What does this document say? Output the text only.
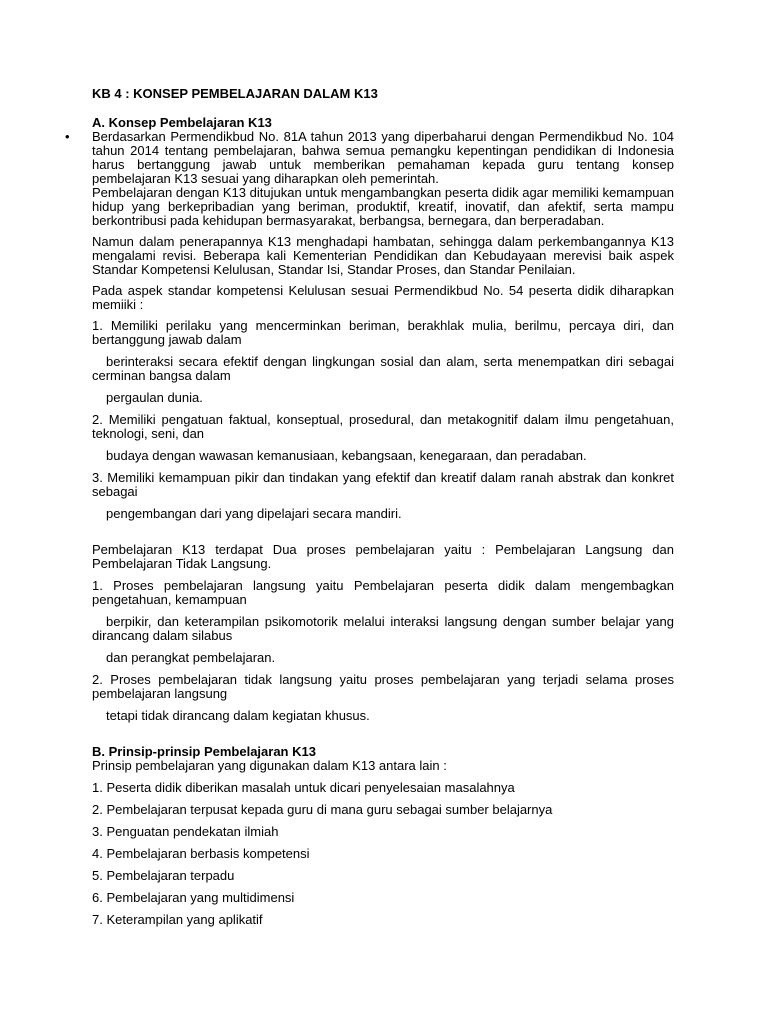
KB 4 : KONSEP PEMBELAJARAN DALAM K13
A. Konsep Pembelajaran K13
• Berdasarkan Permendikbud No. 81A tahun 2013 yang diperbaharui dengan Permendikbud No. 104 tahun 2014 tentang pembelajaran, bahwa semua pemangku kepentingan pendidikan di Indonesia harus bertanggung jawab untuk memberikan pemahaman kepada guru tentang konsep pembelajaran K13 sesuai yang diharapkan oleh pemerintah.

Pembelajaran dengan K13 ditujukan untuk mengambangkan peserta didik agar memiliki kemampuan hidup yang berkepribadian yang beriman, produktif, kreatif, inovatif, dan afektif, serta mampu berkontribusi pada kehidupan bermasyarakat, berbangsa, bernegara, dan berperadaban.

Namun dalam penerapannya K13 menghadapi hambatan, sehingga dalam perkembangannya K13 mengalami revisi. Beberapa kali Kementerian Pendidikan dan Kebudayaan merevisi baik aspek Standar Kompetensi Kelulusan, Standar Isi, Standar Proses, dan Standar Penilaian.

Pada aspek standar kompetensi Kelulusan sesuai Permendikbud No. 54 peserta didik diharapkan memiiki :

1. Memiliki perilaku yang mencerminkan beriman, berakhlak mulia, berilmu, percaya diri, dan bertanggung jawab dalam

berinteraksi secara efektif dengan lingkungan sosial dan alam, serta menempatkan diri sebagai cerminan bangsa dalam

pergaulan dunia.

2. Memiliki pengatuan faktual, konseptual, prosedural, dan metakognitif dalam ilmu pengetahuan, teknologi, seni, dan

budaya dengan wawasan kemanusiaan, kebangsaan, kenegaraan, dan peradaban.

3. Memiliki kemampuan pikir dan tindakan yang efektif dan kreatif dalam ranah abstrak dan konkret sebagai

pengembangan dari yang dipelajari secara mandiri.

Pembelajaran K13 terdapat Dua proses pembelajaran yaitu : Pembelajaran Langsung dan Pembelajaran Tidak Langsung.

1. Proses pembelajaran langsung yaitu Pembelajaran peserta didik dalam mengembagkan pengetahuan, kemampuan

berpikir, dan keterampilan psikomotorik melalui interaksi langsung dengan sumber belajar yang dirancang dalam silabus

dan perangkat pembelajaran.

2. Proses pembelajaran tidak langsung yaitu proses pembelajaran yang terjadi selama proses pembelajaran langsung

tetapi tidak dirancang dalam kegiatan khusus.

B. Prinsip-prinsip Pembelajaran K13

Prinsip pembelajaran yang digunakan dalam K13 antara lain :

1. Peserta didik diberikan masalah untuk dicari penyelesaian masalahnya

2. Pembelajaran terpusat kepada guru di mana guru sebagai sumber belajarnya

3. Penguatan pendekatan ilmiah

4. Pembelajaran berbasis kompetensi

5. Pembelajaran terpadu

6. Pembelajaran yang multidimensi

7. Keterampilan yang aplikatif
